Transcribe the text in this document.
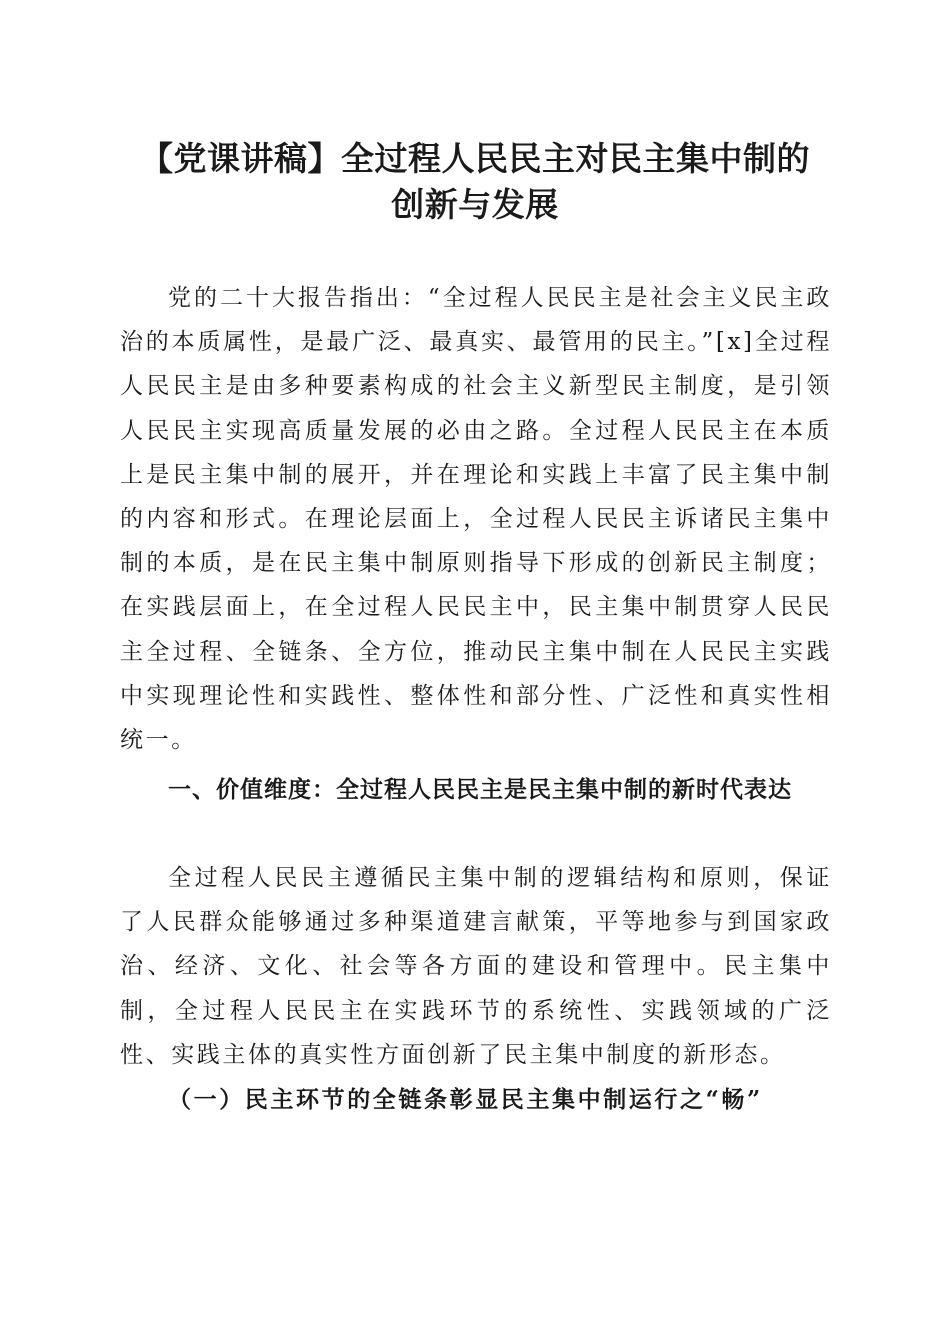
【党课讲稿】全过程人民民主对民主集中制的
创新与发展

党的二十大报告指出：“全过程人民民主是社会主义民主政治的本质属性，是最广泛、最真实、最管用的民主。”[x]全过程人民民主是由多种要素构成的社会主义新型民主制度，是引领人民民主实现高质量发展的必由之路。全过程人民民主在本质上是民主集中制的展开，并在理论和实践上丰富了民主集中制的内容和形式。在理论层面上，全过程人民民主诉诸民主集中制的本质，是在民主集中制原则指导下形成的创新民主制度；在实践层面上，在全过程人民民主中，民主集中制贯穿人民民主全过程、全链条、全方位，推动民主集中制在人民民主实践中实现理论性和实践性、整体性和部分性、广泛性和真实性相统一。

一、价值维度：全过程人民民主是民主集中制的新时代表达

全过程人民民主遵循民主集中制的逻辑结构和原则，保证了人民群众能够通过多种渠道建言献策，平等地参与到国家政治、经济、文化、社会等各方面的建设和管理中。民主集中制，全过程人民民主在实践环节的系统性、实践领域的广泛性、实践主体的真实性方面创新了民主集中制度的新形态。

（一）民主环节的全链条彰显民主集中制运行之“畅”
